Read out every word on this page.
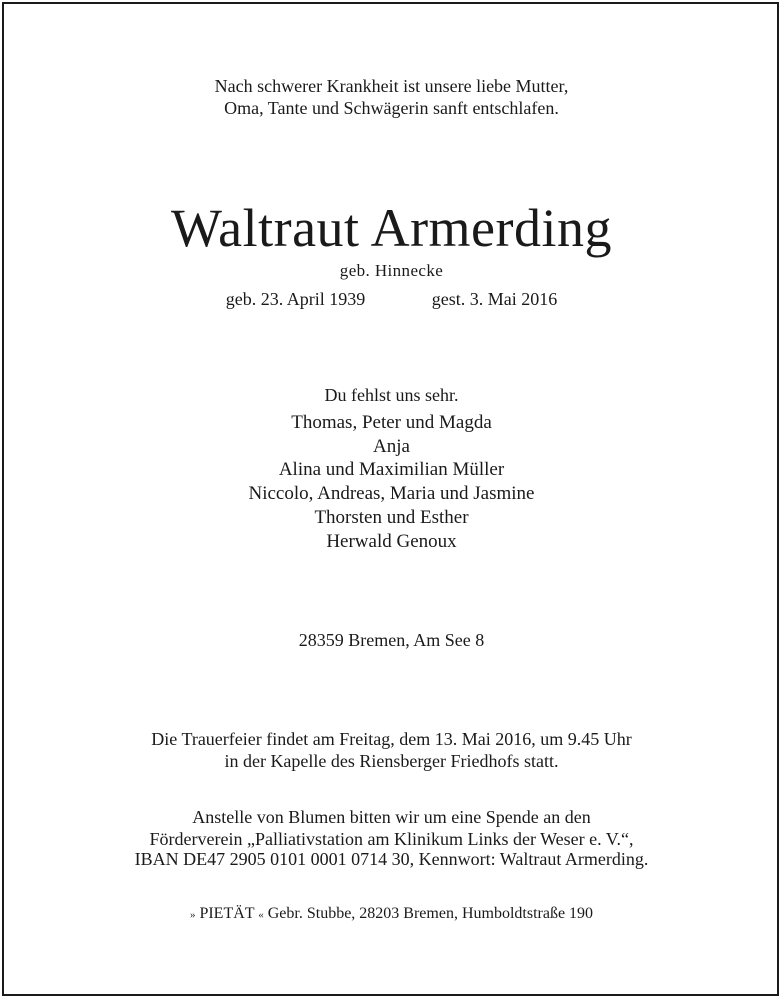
Nach schwerer Krankheit ist unsere liebe Mutter,
Oma, Tante und Schwägerin sanft entschlafen.
Waltraut Armerding
geb. Hinnecke
geb. 23. April 1939	gest. 3. Mai 2016
Du fehlst uns sehr.
Thomas, Peter und Magda
Anja
Alina und Maximilian Müller
Niccolo, Andreas, Maria und Jasmine
Thorsten und Esther
Herwald Genoux
28359 Bremen, Am See 8
Die Trauerfeier findet am Freitag, dem 13. Mai 2016, um 9.45 Uhr
in der Kapelle des Riensberger Friedhofs statt.
Anstelle von Blumen bitten wir um eine Spende an den
Förderverein „Palliativstation am Klinikum Links der Weser e. V.“,
IBAN DE47 2905 0101 0001 0714 30, Kennwort: Waltraut Armerding.
» PIETÄT « Gebr. Stubbe, 28203 Bremen, Humboldtstraße 190
